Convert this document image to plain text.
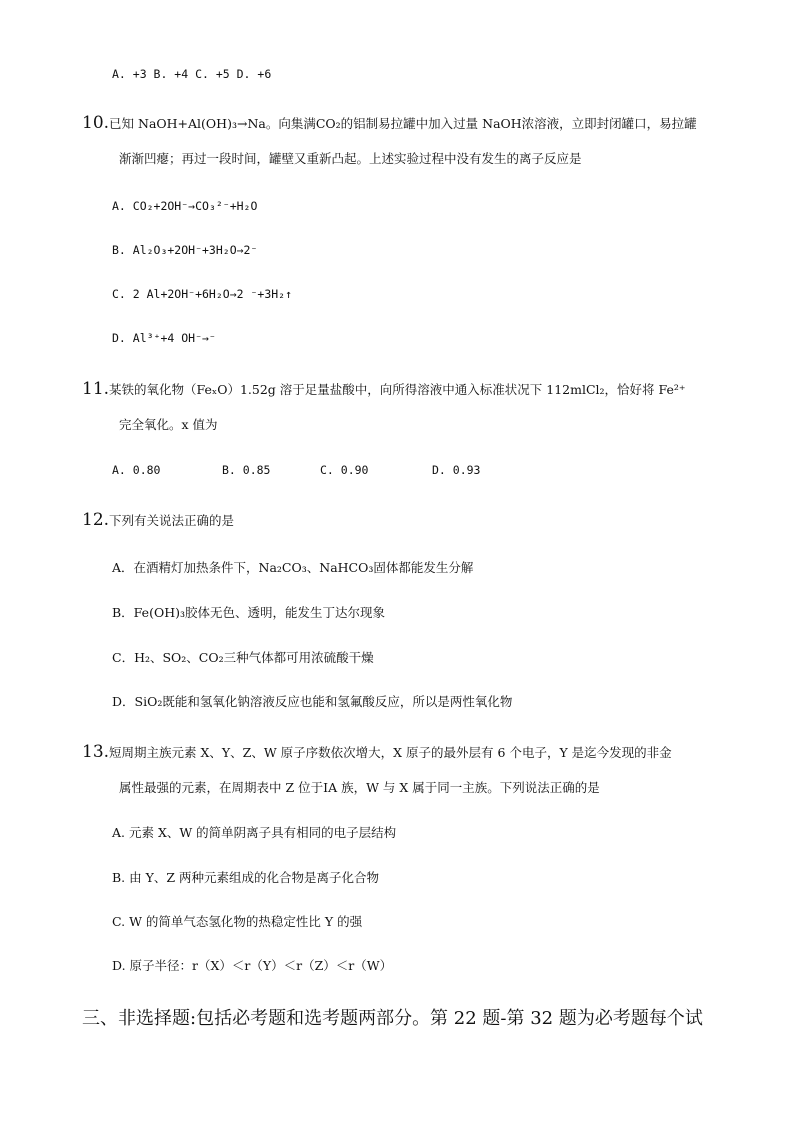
A. +3 B. +4 C. +5 D. +6
10.已知 NaOH+Al(OH)₃→Na。向集满CO₂的铝制易拉罐中加入过量 NaOH浓溶液，立即封闭罐口，易拉罐
渐渐凹瘪；再过一段时间，罐壁又重新凸起。上述实验过程中没有发生的离子反应是
A. CO₂+2OH⁻→CO₃²⁻+H₂O
B. Al₂O₃+2OH⁻+3H₂O→2⁻
C. 2 Al+2OH⁻+6H₂O→2 ⁻+3H₂↑
D. Al³⁺+4 OH⁻→⁻
11.某铁的氧化物（FeₓO）1.52g 溶于足量盐酸中，向所得溶液中通入标准状况下 112mlCl₂，恰好将 Fe²⁺
完全氧化。x 值为
A. 0.80	B. 0.85	C. 0.90	D. 0.93
12.下列有关说法正确的是
A．在酒精灯加热条件下，Na₂CO₃、NaHCO₃固体都能发生分解
B．Fe(OH)₃胶体无色、透明，能发生丁达尔现象
C．H₂、SO₂、CO₂三种气体都可用浓硫酸干燥
D．SiO₂既能和氢氧化钠溶液反应也能和氢氟酸反应，所以是两性氧化物
13.短周期主族元素 X、Y、Z、W 原子序数依次增大，X 原子的最外层有 6 个电子，Y 是迄今发现的非金
属性最强的元素，在周期表中 Z 位于ⅠA 族，W 与 X 属于同一主族。下列说法正确的是
A. 元素 X、W 的简单阴离子具有相同的电子层结构
B. 由 Y、Z 两种元素组成的化合物是离子化合物
C. W 的简单气态氢化物的热稳定性比 Y 的强
D. 原子半径：r（X）＜r（Y）＜r（Z）＜r（W）
三、非选择题:包括必考题和选考题两部分。第 22 题-第 32 题为必考题每个试
